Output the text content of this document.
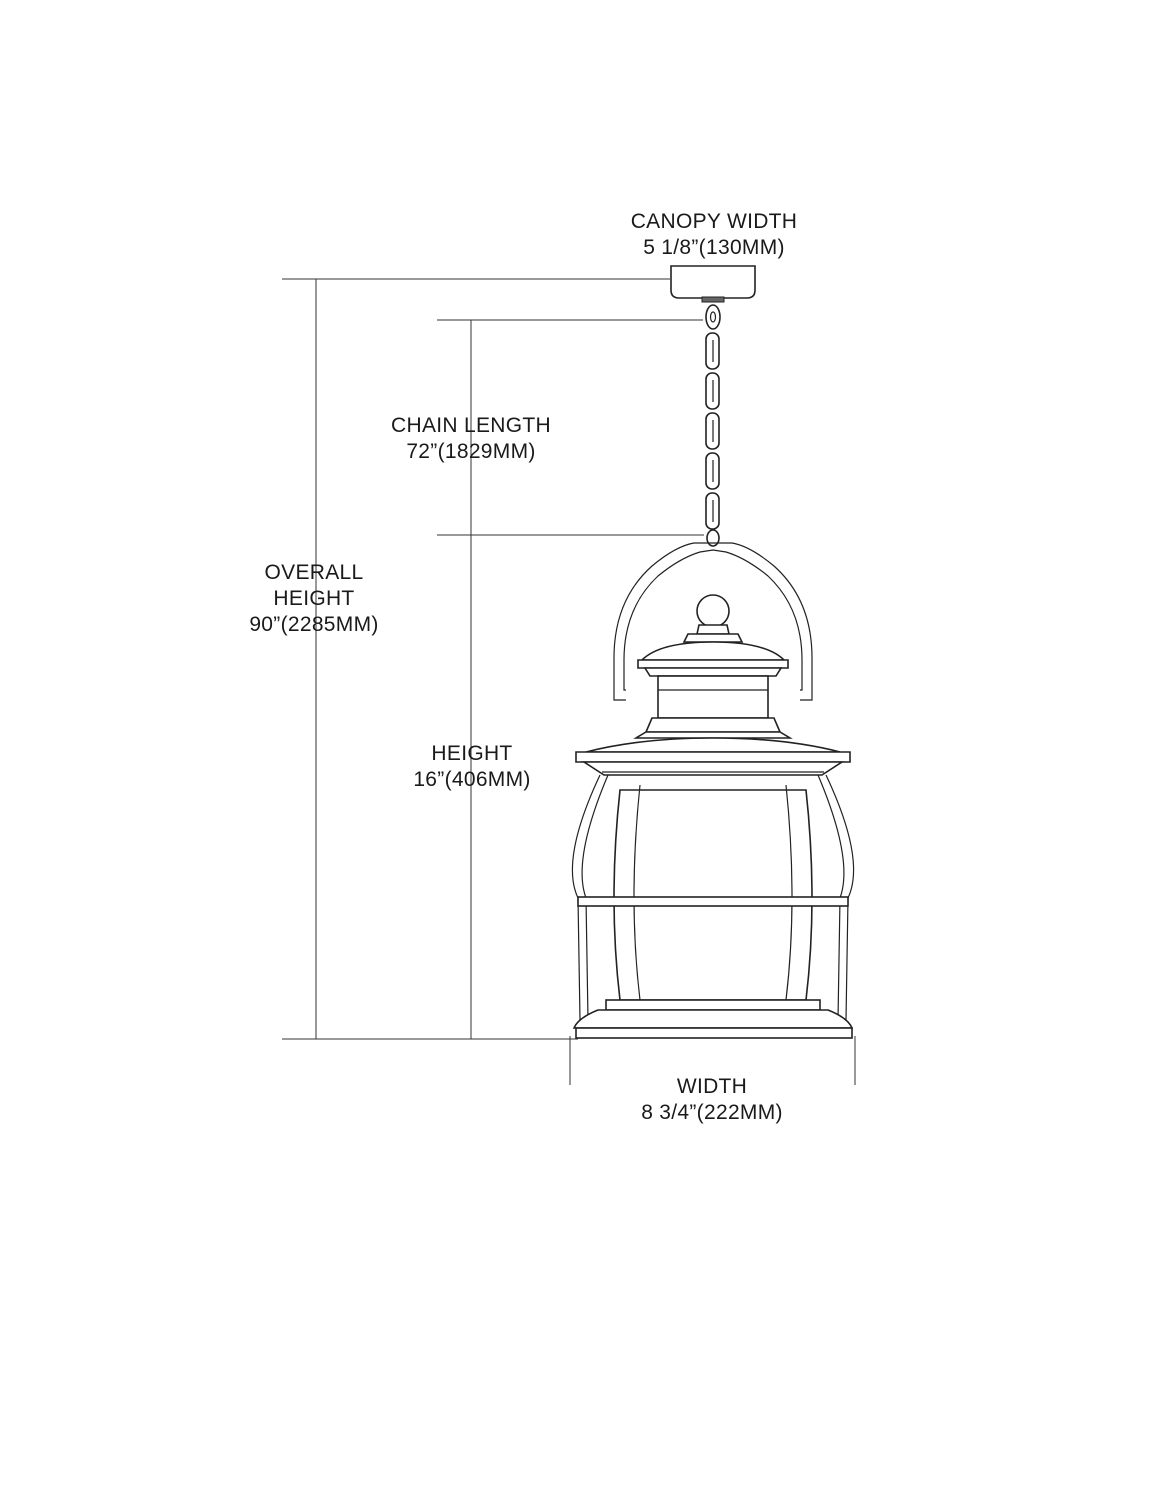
CANOPY WIDTH
5 1/8”(130MM)
CHAIN LENGTH
72”(1829MM)
OVERALL
HEIGHT
90”(2285MM)
HEIGHT
16”(406MM)
WIDTH
8 3/4”(222MM)
